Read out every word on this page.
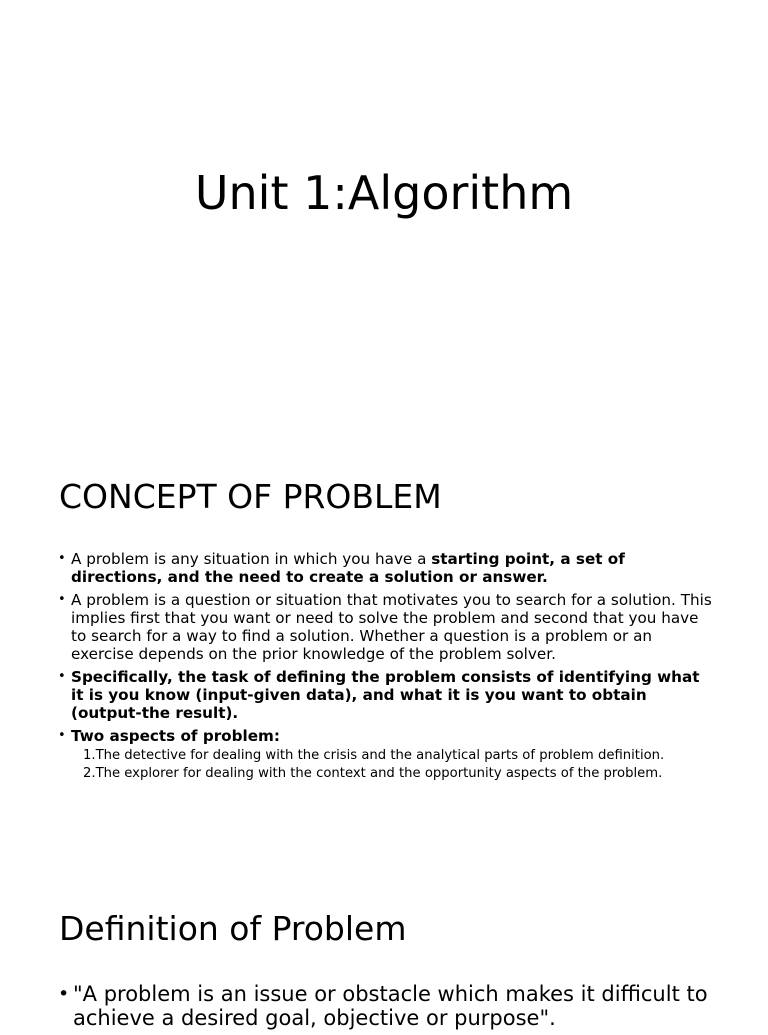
Unit 1:Algorithm
CONCEPT OF PROBLEM
• A problem is any situation in which you have a starting point, a set of directions, and the need to create a solution or answer.
• A problem is a question or situation that motivates you to search for a solution. This implies first that you want or need to solve the problem and second that you have to search for a way to find a solution. Whether a question is a problem or an exercise depends on the prior knowledge of the problem solver.
• Specifically, the task of defining the problem consists of identifying what it is you know (input-given data), and what it is you want to obtain (output-the result).
• Two aspects of problem:
1.The detective for dealing with the crisis and the analytical parts of problem definition.
2.The explorer for dealing with the context and the opportunity aspects of the problem.
Definition of Problem
• "A problem is an issue or obstacle which makes it difficult to achieve a desired goal, objective or purpose".
